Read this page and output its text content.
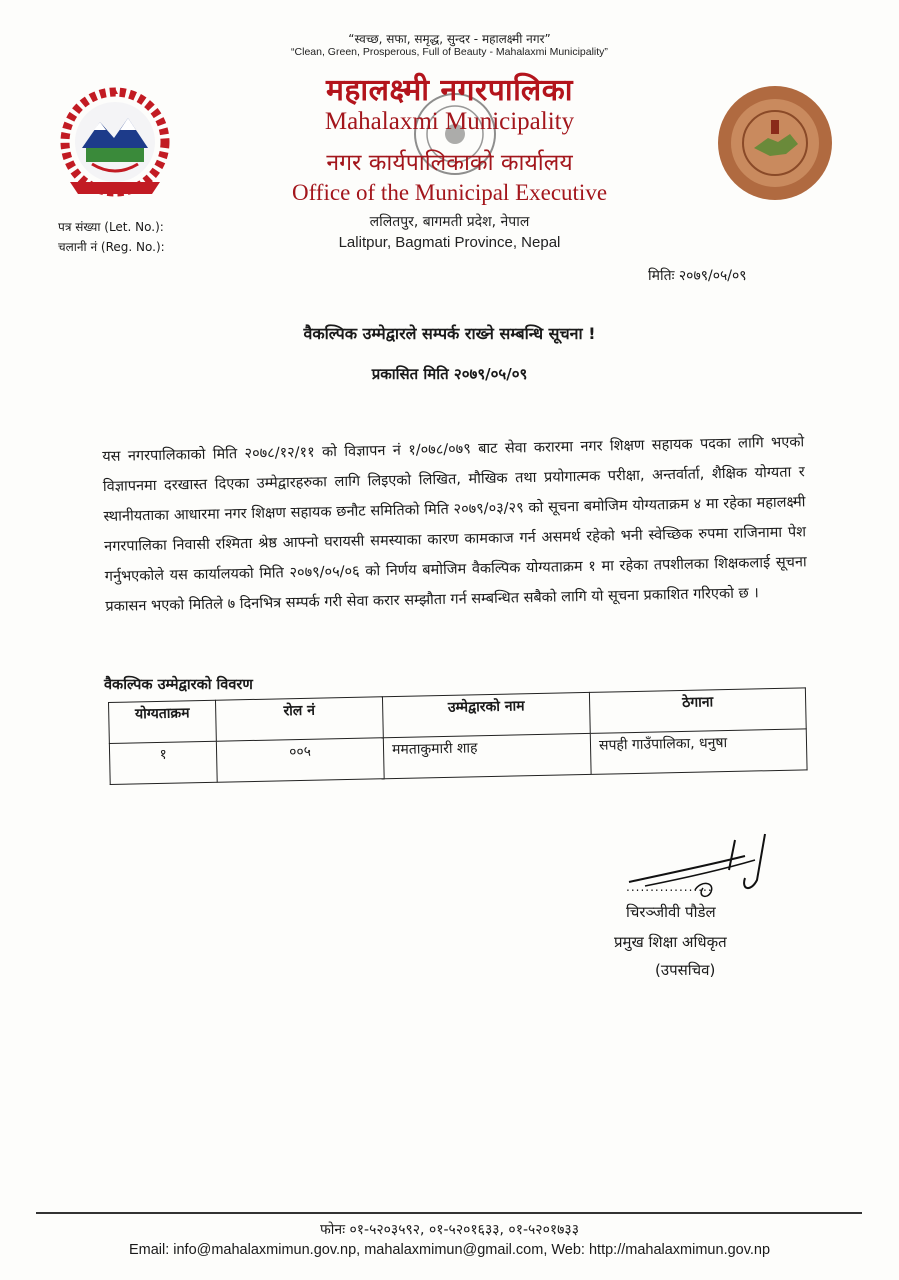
“स्वच्छ, सफा, समृद्ध, सुन्दर - महालक्ष्मी नगर”
“Clean, Green, Prosperous, Full of Beauty - Mahalaxmi Municipality”
महालक्ष्मी नगरपालिका
Mahalaxmi Municipality
नगर कार्यपालिकाको कार्यालय
Office of the Municipal Executive
ललितपुर, बागमती प्रदेश, नेपाल
Lalitpur, Bagmati Province, Nepal
पत्र संख्या (Let. No.):
चलानी नं (Reg. No.):
मितिः २०७९/०५/०९
वैकल्पिक उम्मेद्वारले सम्पर्क राख्ने सम्बन्धि सूचना !
प्रकासित मिति २०७९/०५/०९
यस नगरपालिकाको मिति २०७८/१२/११ को विज्ञापन नं १/०७८/०७९ बाट सेवा करारमा नगर शिक्षण सहायक पदका लागि भएको विज्ञापनमा दरखास्त दिएका उम्मेद्वारहरुका लागि लिइएको लिखित, मौखिक तथा प्रयोगात्मक परीक्षा, अन्तर्वार्ता, शैक्षिक योग्यता र स्थानीयताका आधारमा नगर शिक्षण सहायक छनौट समितिको मिति २०७९/०३/२९ को सूचना बमोजिम योग्यताक्रम ४ मा रहेका महालक्ष्मी नगरपालिका निवासी रश्मिता श्रेष्ठ आफ्नो घरायसी समस्याका कारण कामकाज गर्न असमर्थ रहेको भनी स्वेच्छिक रुपमा राजिनामा पेश गर्नुभएकोले यस कार्यालयको मिति २०७९/०५/०६ को निर्णय बमोजिम वैकल्पिक योग्यताक्रम १ मा रहेका तपशीलका शिक्षकलाई सूचना प्रकासन भएको मितिले ७ दिनभित्र सम्पर्क गरी सेवा करार सम्झौता गर्न सम्बन्धित सबैको लागि यो सूचना प्रकाशित गरिएको छ ।
वैकल्पिक उम्मेद्वारको विवरण
योग्यताक्रम	रोल नं	उम्मेद्वारको नाम	ठेगाना
१	००५	ममताकुमारी शाह	सपही गाउँपालिका, धनुषा
..................
चिरञ्जीवी पौडेल
प्रमुख शिक्षा अधिकृत
(उपसचिव)
फोनः ०१-५२०३५९२, ०१-५२०१६३३, ०१-५२०१७३३
Email: info@mahalaxmimun.gov.np, mahalaxmimun@gmail.com, Web: http://mahalaxmimun.gov.np
